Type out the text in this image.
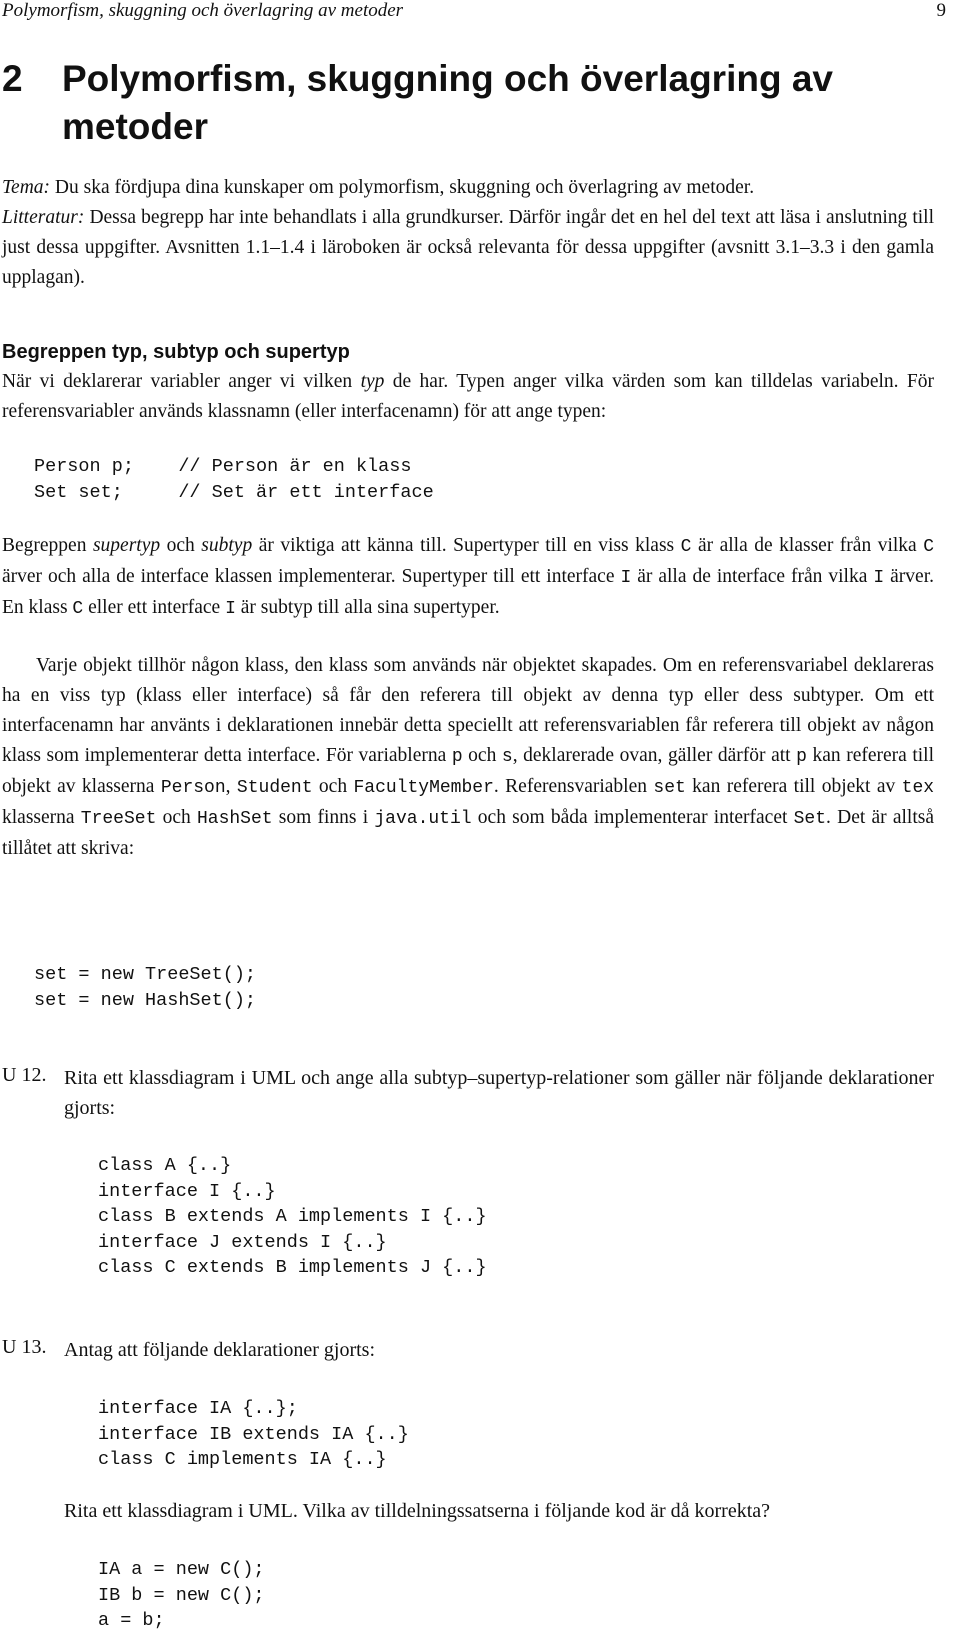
Polymorfism, skuggning och överlagring av metoder	9
2 Polymorfism, skuggning och överlagring av
metoder
Tema: Du ska fördjupa dina kunskaper om polymorfism, skuggning och överlagring av metoder.
Litteratur: Dessa begrepp har inte behandlats i alla grundkurser. Därför ingår det en hel del text att läsa i anslutning till just dessa uppgifter. Avsnitten 1.1–1.4 i läroboken är också relevanta för dessa uppgifter (avsnitt 3.1–3.3 i den gamla upplagan).
Begreppen typ, subtyp och supertyp
När vi deklarerar variabler anger vi vilken typ de har. Typen anger vilka värden som kan tilldelas variabeln. För referensvariabler används klassnamn (eller interfacenamn) för att ange typen:
Person p;    // Person är en klass
Set set;     // Set är ett interface
Begreppen supertyp och subtyp är viktiga att känna till. Supertyper till en viss klass C är alla de klasser från vilka C ärver och alla de interface klassen implementerar. Supertyper till ett interface I är alla de interface från vilka I ärver. En klass C eller ett interface I är subtyp till alla sina supertyper.
Varje objekt tillhör någon klass, den klass som används när objektet skapades. Om en referensvariabel deklareras ha en viss typ (klass eller interface) så får den referera till objekt av denna typ eller dess subtyper. Om ett interfacenamn har använts i deklarationen innebär detta speciellt att referensvariablen får referera till objekt av någon klass som implementerar detta interface. För variablerna p och s, deklarerade ovan, gäller därför att p kan referera till objekt av klasserna Person, Student och FacultyMember. Referensvariablen set kan referera till objekt av tex klasserna TreeSet och HashSet som finns i java.util och som båda implementerar interfacet Set. Det är alltså tillåtet att skriva:
set = new TreeSet();
set = new HashSet();
U 12. Rita ett klassdiagram i UML och ange alla subtyp–supertyp-relationer som gäller när följande deklarationer gjorts:
class A {..}
interface I {..}
class B extends A implements I {..}
interface J extends I {..}
class C extends B implements J {..}
U 13. Antag att följande deklarationer gjorts:
interface IA {..};
interface IB extends IA {..}
class C implements IA {..}
Rita ett klassdiagram i UML. Vilka av tilldelningssatserna i följande kod är då korrekta?
IA a = new C();
IB b = new C();
a = b;
